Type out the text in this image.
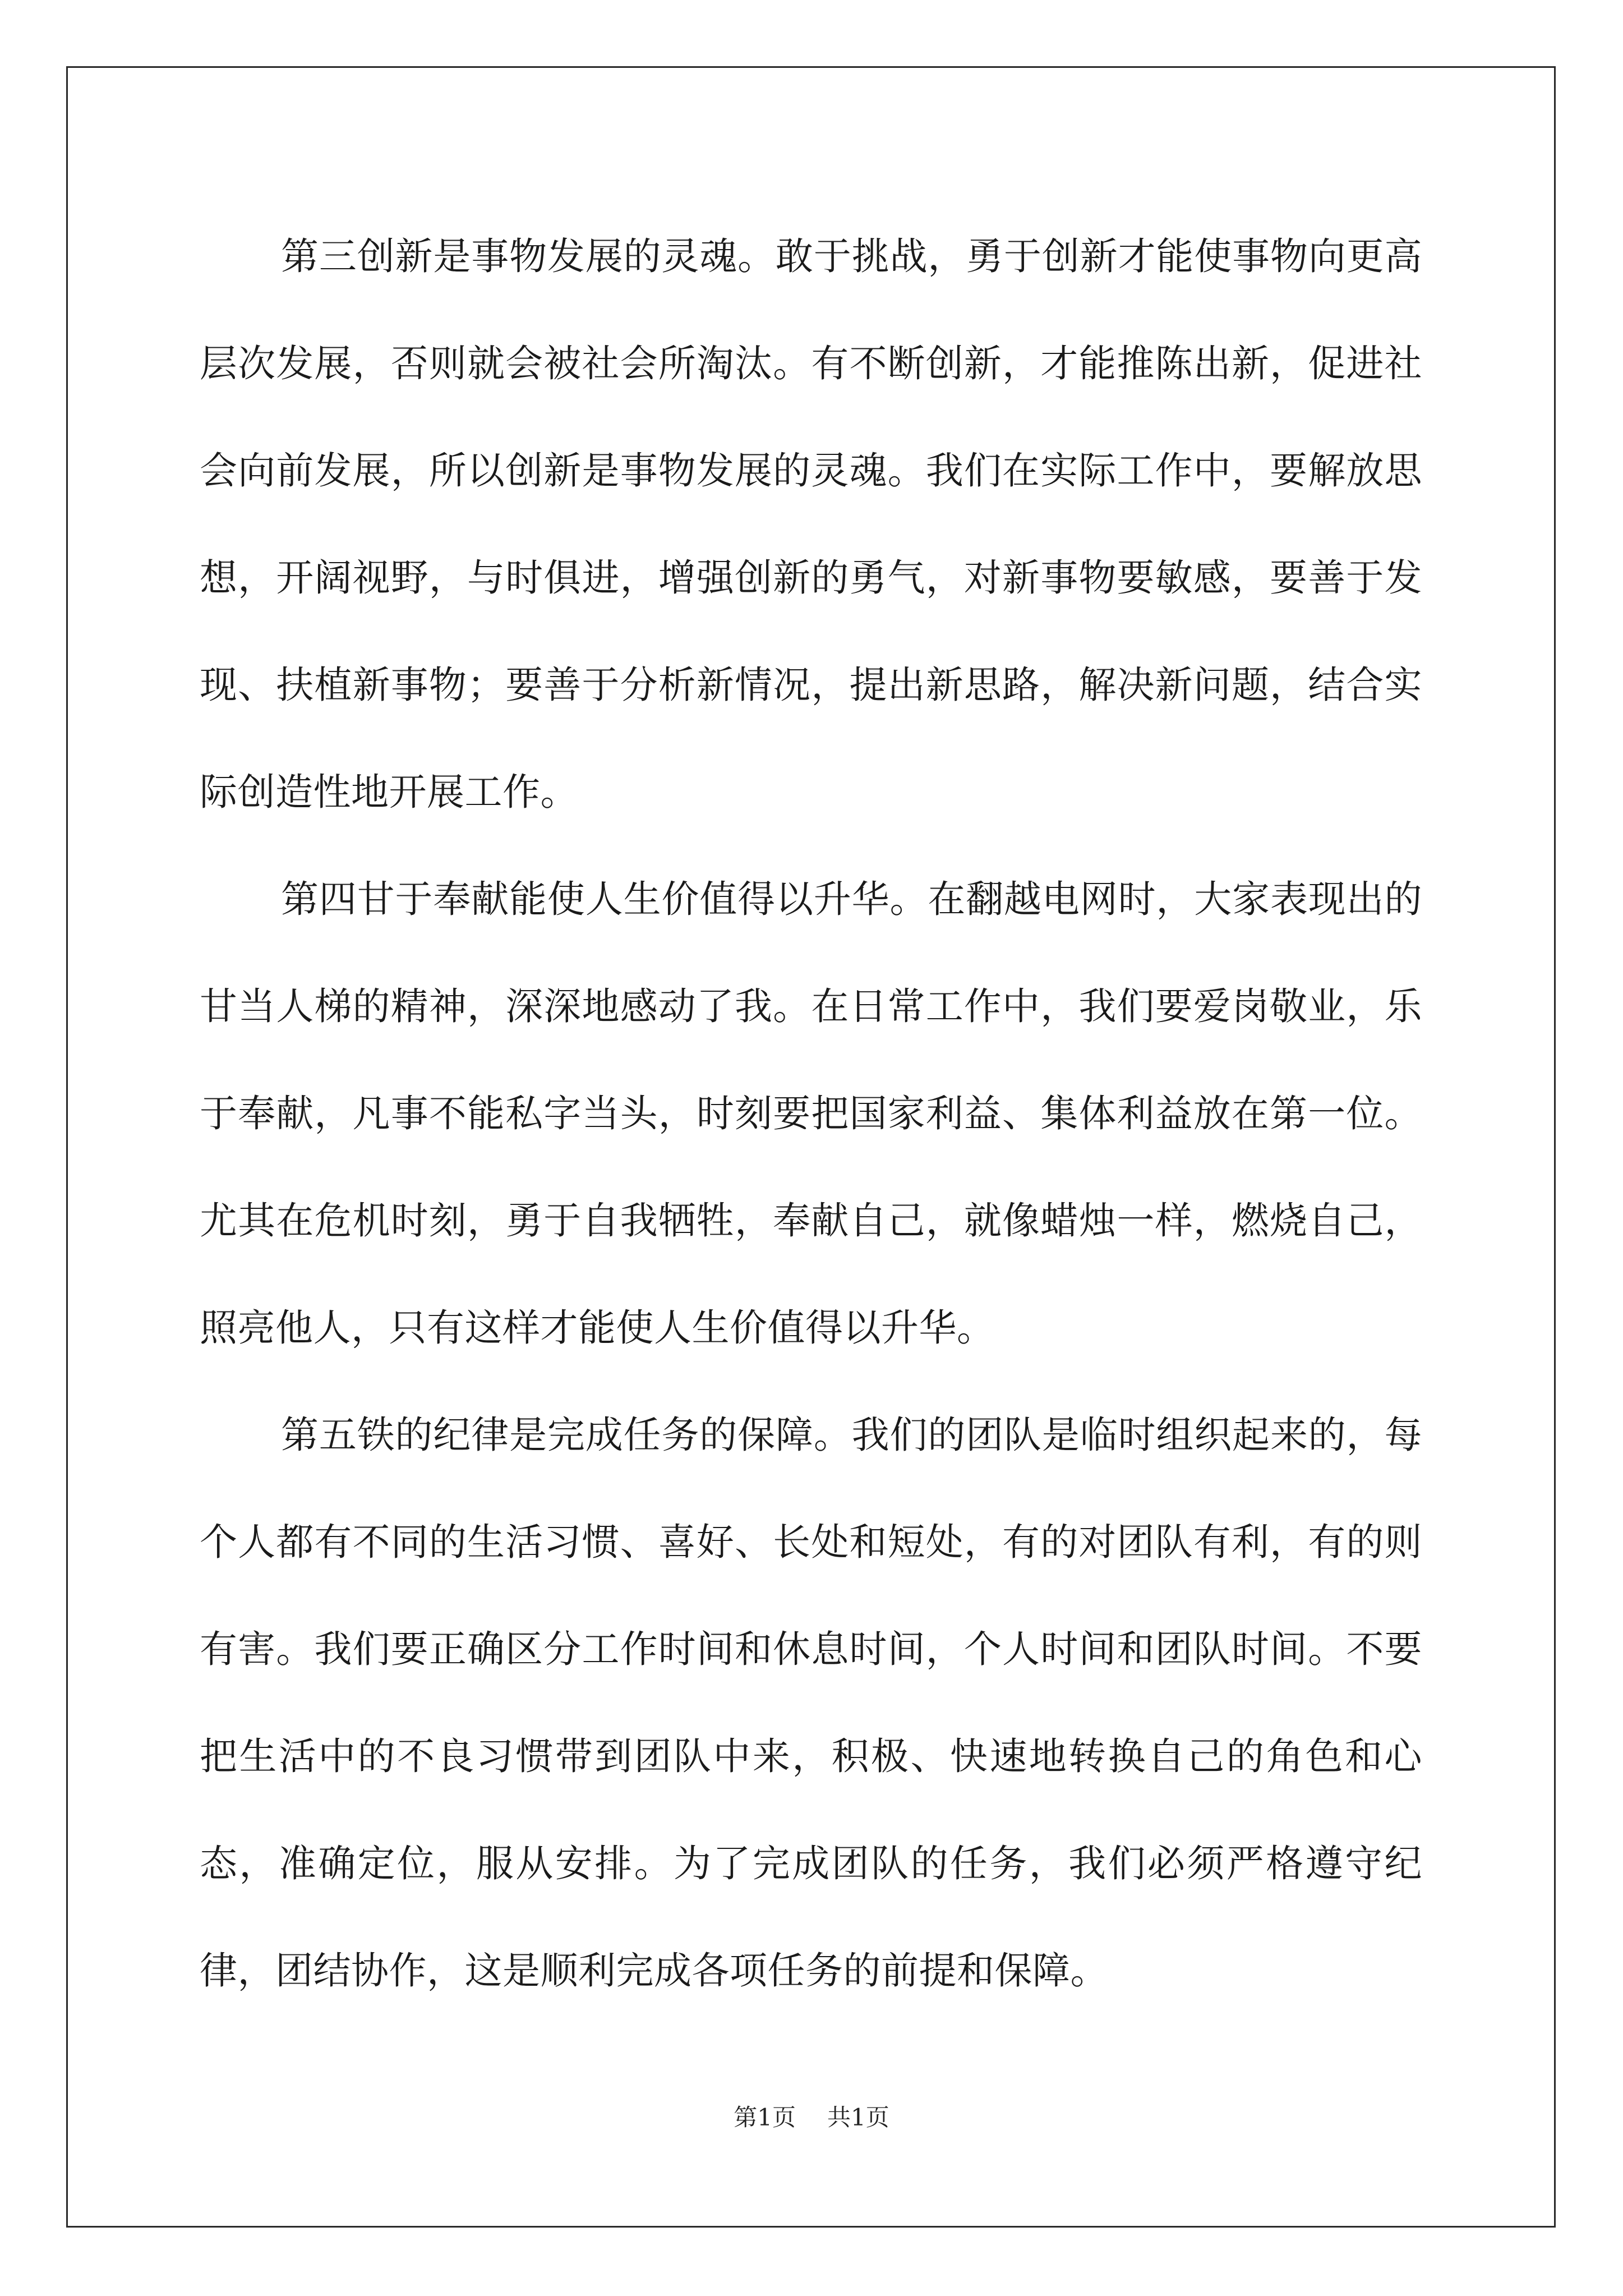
第三创新是事物发展的灵魂。敢于挑战，勇于创新才能使事物向更高层次发展，否则就会被社会所淘汰。有不断创新，才能推陈出新，促进社会向前发展，所以创新是事物发展的灵魂。我们在实际工作中，要解放思想，开阔视野，与时俱进，增强创新的勇气，对新事物要敏感，要善于发现、扶植新事物；要善于分析新情况，提出新思路，解决新问题，结合实际创造性地开展工作。

第四甘于奉献能使人生价值得以升华。在翻越电网时，大家表现出的甘当人梯的精神，深深地感动了我。在日常工作中，我们要爱岗敬业，乐于奉献，凡事不能私字当头，时刻要把国家利益、集体利益放在第一位。尤其在危机时刻，勇于自我牺牲，奉献自己，就像蜡烛一样，燃烧自己，照亮他人，只有这样才能使人生价值得以升华。

第五铁的纪律是完成任务的保障。我们的团队是临时组织起来的，每个人都有不同的生活习惯、喜好、长处和短处，有的对团队有利，有的则有害。我们要正确区分工作时间和休息时间，个人时间和团队时间。不要把生活中的不良习惯带到团队中来，积极、快速地转换自己的角色和心态，准确定位，服从安排。为了完成团队的任务，我们必须严格遵守纪律，团结协作，这是顺利完成各项任务的前提和保障。

第1页 共1页
